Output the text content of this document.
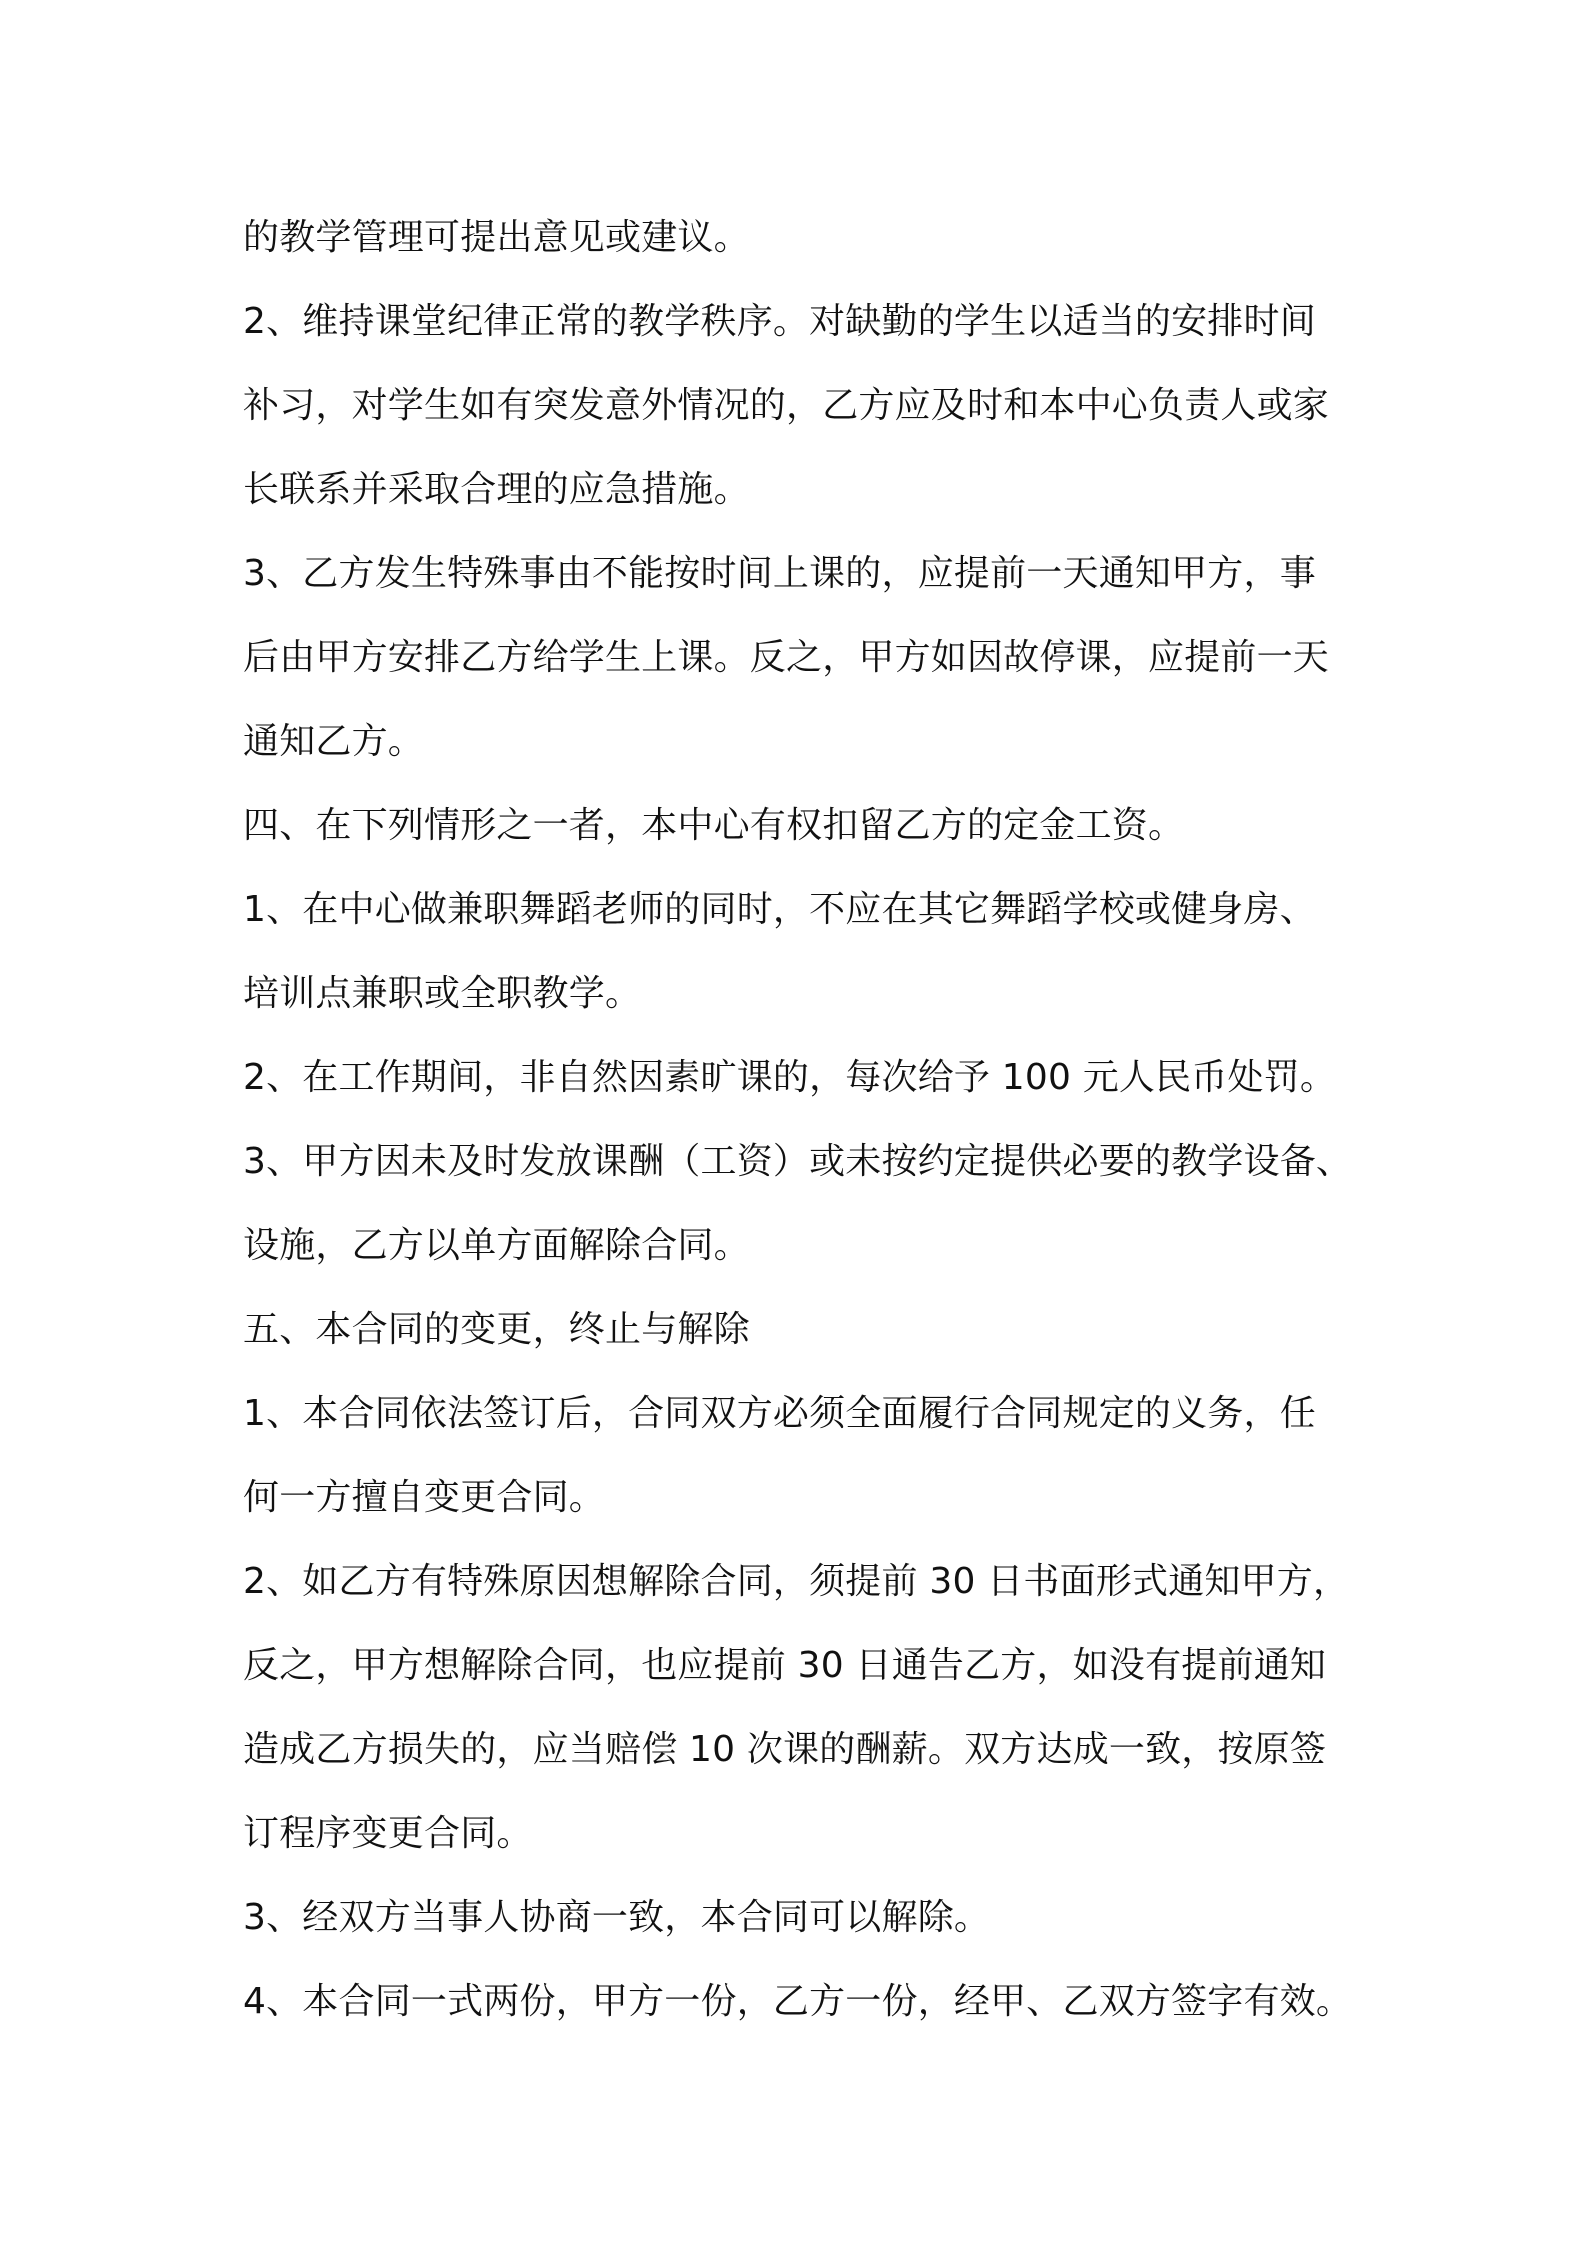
的教学管理可提出意见或建议。

2、维持课堂纪律正常的教学秩序。对缺勤的学生以适当的安排时间

补习，对学生如有突发意外情况的，乙方应及时和本中心负责人或家

长联系并采取合理的应急措施。

3、乙方发生特殊事由不能按时间上课的，应提前一天通知甲方，事

后由甲方安排乙方给学生上课。反之，甲方如因故停课，应提前一天

通知乙方。

四、在下列情形之一者，本中心有权扣留乙方的定金工资。

1、在中心做兼职舞蹈老师的同时，不应在其它舞蹈学校或健身房、

培训点兼职或全职教学。

2、在工作期间，非自然因素旷课的，每次给予 100 元人民币处罚。

3、甲方因未及时发放课酬（工资）或未按约定提供必要的教学设备、

设施，乙方以单方面解除合同。

五、本合同的变更，终止与解除

1、本合同依法签订后，合同双方必须全面履行合同规定的义务，任

何一方擅自变更合同。

2、如乙方有特殊原因想解除合同，须提前 30 日书面形式通知甲方，

反之，甲方想解除合同，也应提前 30 日通告乙方，如没有提前通知

造成乙方损失的，应当赔偿 10 次课的酬薪。双方达成一致，按原签

订程序变更合同。

3、经双方当事人协商一致，本合同可以解除。

4、本合同一式两份，甲方一份，乙方一份，经甲、乙双方签字有效。
